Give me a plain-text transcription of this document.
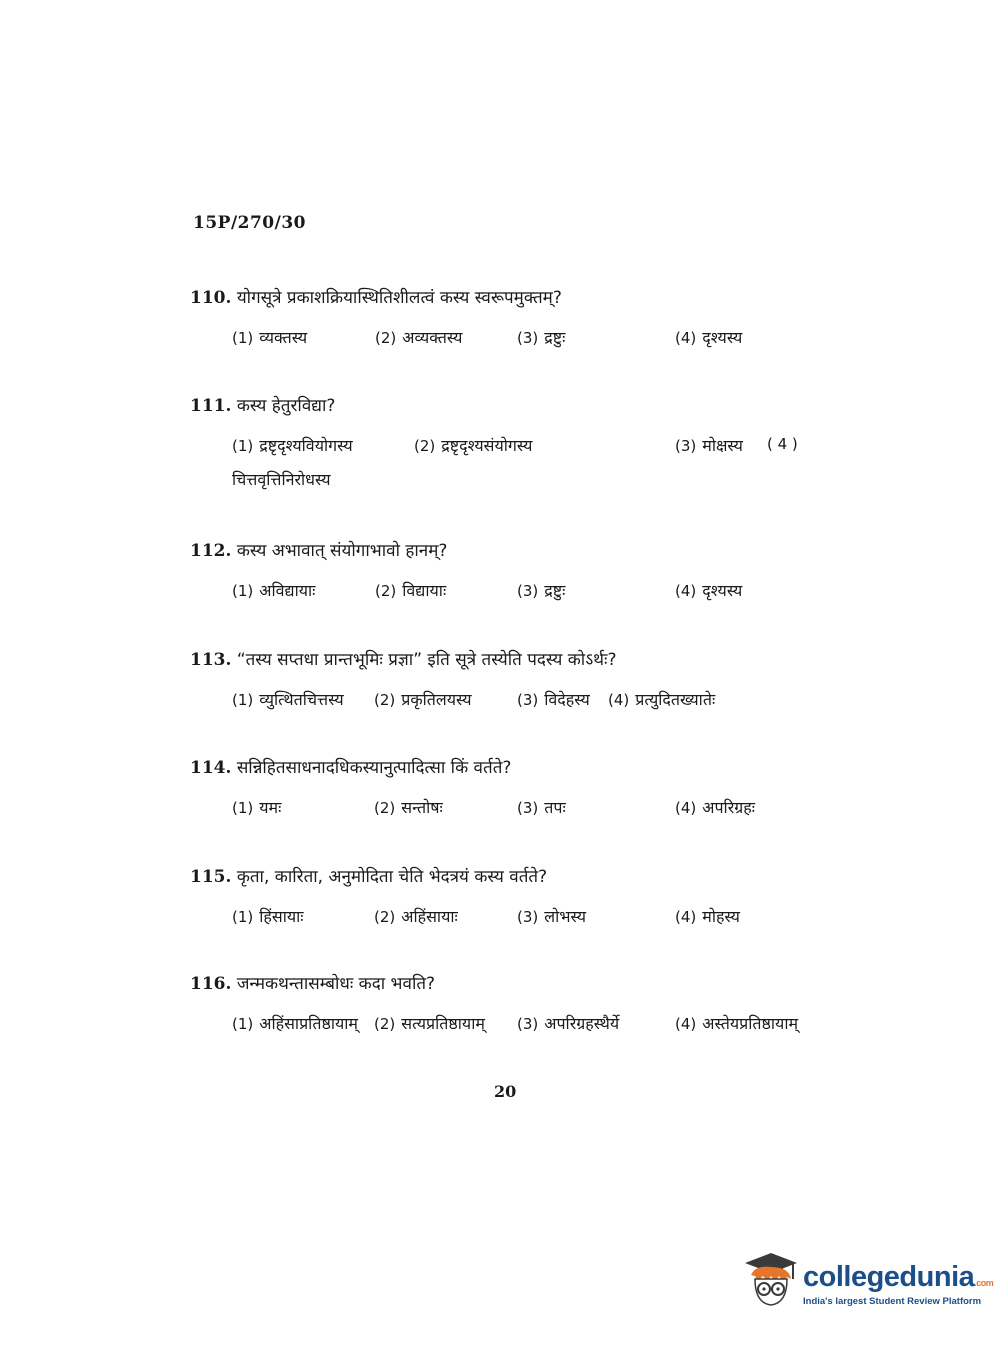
15P/270/30
110. योगसूत्रे प्रकाशक्रियास्थितिशीलत्वं कस्य स्वरूपमुक्तम्?
(1) व्यक्तस्य	(2) अव्यक्तस्य	(3) द्रष्टुः	(4) दृश्यस्य
111. कस्य हेतुरविद्या?
(1) द्रष्टृदृश्यवियोगस्य	(2) द्रष्टृदृश्यसंयोगस्य	(3) मोक्षस्य ( 4 )
चित्तवृत्तिनिरोधस्य
112. कस्य अभावात् संयोगाभावो हानम्?
(1) अविद्यायाः	(2) विद्यायाः	(3) द्रष्टुः	(4) दृश्यस्य
113. “तस्य सप्तधा प्रान्तभूमिः प्रज्ञा” इति सूत्रे तस्येति पदस्य कोऽर्थः?
(1) व्युत्थितचित्तस्य (2) प्रकृतिलयस्य	(3) विदेहस्य (4) प्रत्युदितख्यातेः
114. सन्निहितसाधनादधिकस्यानुत्पादित्सा किं वर्तते?
(1) यमः	(2) सन्तोषः	(3) तपः	(4) अपरिग्रहः
115. कृता, कारिता, अनुमोदिता चेति भेदत्रयं कस्य वर्तते?
(1) हिंसायाः	(2) अहिंसायाः	(3) लोभस्य	(4) मोहस्य
116. जन्मकथन्तासम्बोधः कदा भवति?
(1) अहिंसाप्रतिष्ठायाम् (2) सत्यप्रतिष्ठायाम् (3) अपरिग्रहस्थैर्ये	(4) अस्तेयप्रतिष्ठायाम्
20
collegedunia.com
India's largest Student Review Platform
